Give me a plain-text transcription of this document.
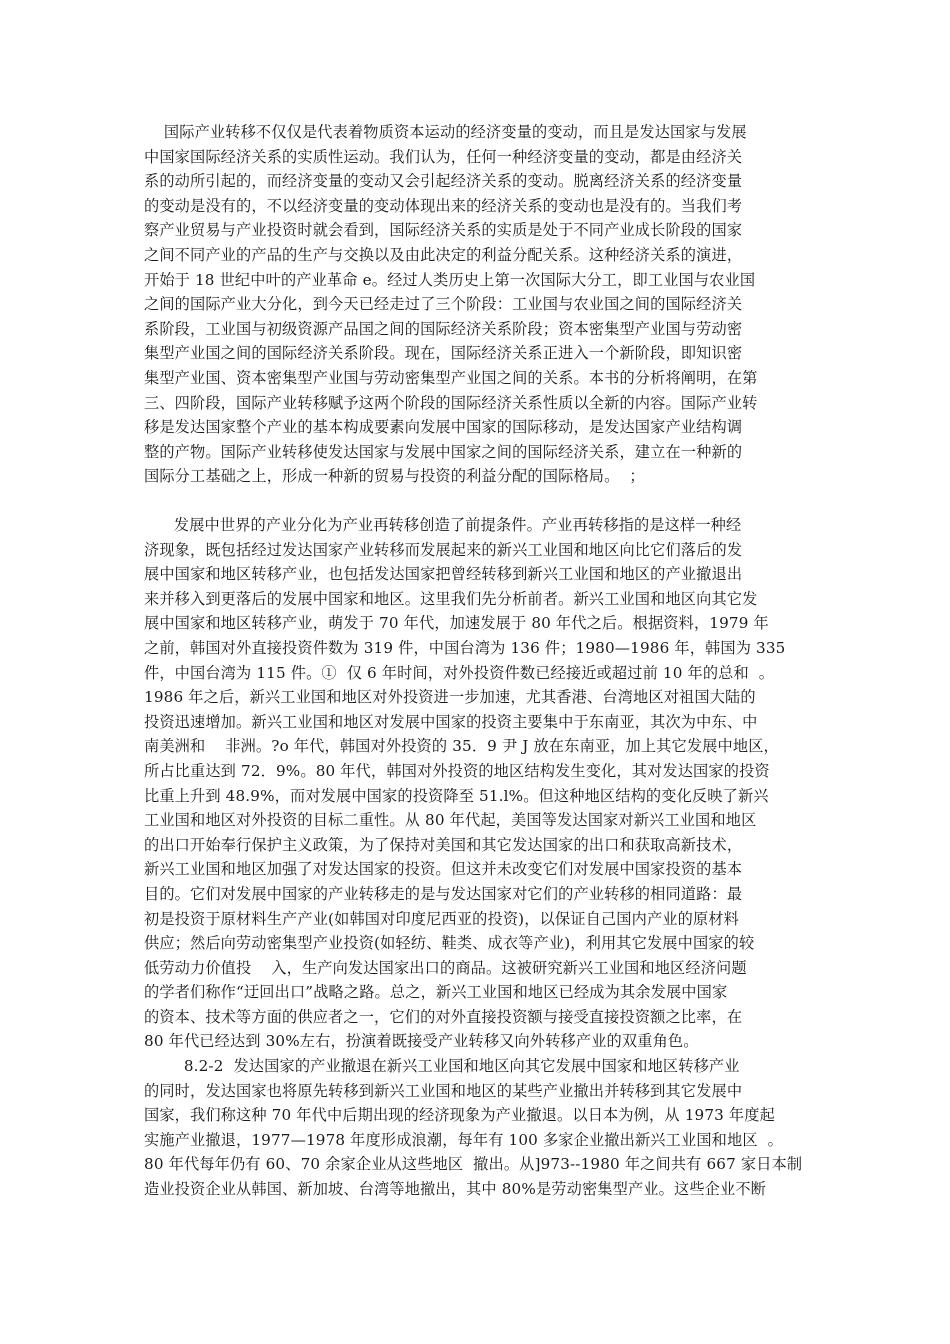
国际产业转移不仅仅是代表着物质资本运动的经济变量的变动，而且是发达国家与发展
中国家国际经济关系的实质性运动。我们认为，任何一种经济变量的变动，都是由经济关
系的动所引起的，而经济变量的变动又会引起经济关系的变动。脱离经济关系的经济变量
的变动是没有的，不以经济变量的变动体现出来的经济关系的变动也是没有的。当我们考
察产业贸易与产业投资时就会看到，国际经济关系的实质是处于不同产业成长阶段的国家
之间不同产业的产品的生产与交换以及由此决定的利益分配关系。这种经济关系的演进，
开始于 18 世纪中叶的产业革命 e。经过人类历史上第一次国际大分工，即工业国与农业国
之间的国际产业大分化，到今天已经走过了三个阶段：工业国与农业国之间的国际经济关
系阶段，工业国与初级资源产品国之间的国际经济关系阶段；资本密集型产业国与劳动密
集型产业国之间的国际经济关系阶段。现在，国际经济关系正进入一个新阶段，即知识密
集型产业国、资本密集型产业国与劳动密集型产业国之间的关系。本书的分析将阐明，在第
三、四阶段，国际产业转移赋予这两个阶段的国际经济关系性质以全新的内容。国际产业转
移是发达国家整个产业的基本构成要素向发展中国家的国际移动，是发达国家产业结构调
整的产物。国际产业转移使发达国家与发展中国家之间的国际经济关系，建立在一种新的
国际分工基础之上，形成一种新的贸易与投资的利益分配的国际格局。  ；
发展中世界的产业分化为产业再转移创造了前提条件。产业再转移指的是这样一种经
济现象，既包括经过发达国家产业转移而发展起来的新兴工业国和地区向比它们落后的发
展中国家和地区转移产业，也包括发达国家把曾经转移到新兴工业国和地区的产业撤退出
来并移入到更落后的发展中国家和地区。这里我们先分析前者。新兴工业国和地区向其它发
展中国家和地区转移产业，萌发于 70 年代，加速发展于 80 年代之后。根据资料，1979 年
之前，韩国对外直接投资件数为 319 件，中国台湾为 136 件；1980—1986 年，韩国为 335
件，中国台湾为 115 件。①  仅 6 年时间，对外投资件数已经接近或超过前 10 年的总和  。
1986 年之后，新兴工业国和地区对外投资进一步加速，尤其香港、台湾地区对祖国大陆的
投资迅速增加。新兴工业国和地区对发展中国家的投资主要集中于东南亚，其次为中东、中
南美洲和    非洲。?o 年代，韩国对外投资的 35．9 尹 J 放在东南亚，加上其它发展中地区，
所占比重达到 72．9%。80 年代，韩国对外投资的地区结构发生变化，其对发达国家的投资
比重上升到 48.9%，而对发展中国家的投资降至 51.l%。但这种地区结构的变化反映了新兴
工业国和地区对外投资的目标二重性。从 80 年代起，美国等发达国家对新兴工业国和地区
的出口开始奉行保护主义政策，为了保持对美国和其它发达国家的出口和获取高新技术，
新兴工业国和地区加强了对发达国家的投资。但这并未改变它们对发展中国家投资的基本
目的。它们对发展中国家的产业转移走的是与发达国家对它们的产业转移的相同道路：最
初是投资于原材料生产产业(如韩国对印度尼西亚的投资)，以保证自己国内产业的原材料
供应；然后向劳动密集型产业投资(如轻纺、鞋类、成衣等产业)，利用其它发展中国家的较
低劳动力价值投    入，生产向发达国家出口的商品。这被研究新兴工业国和地区经济问题
的学者们称作“迂回出口”战略之路。总之，新兴工业国和地区已经成为其余发展中国家
的资本、技术等方面的供应者之一，它们的对外直接投资额与接受直接投资额之比率，在
80 年代已经达到 30%左右，扮演着既接受产业转移又向外转移产业的双重角色。
8.2-2  发达国家的产业撤退在新兴工业国和地区向其它发展中国家和地区转移产业
的同时，发达国家也将原先转移到新兴工业国和地区的某些产业撤出并转移到其它发展中
国家，我们称这种 70 年代中后期出现的经济现象为产业撤退。以日本为例，从 1973 年度起
实施产业撤退，1977—1978 年度形成浪潮，每年有 100 多家企业撤出新兴工业国和地区  。
80 年代每年仍有 60、70 余家企业从这些地区  撤出。从]973--1980 年之间共有 667 家日本制
造业投资企业从韩国、新加坡、台湾等地撤出，其中 80%是劳动密集型产业。这些企业不断
